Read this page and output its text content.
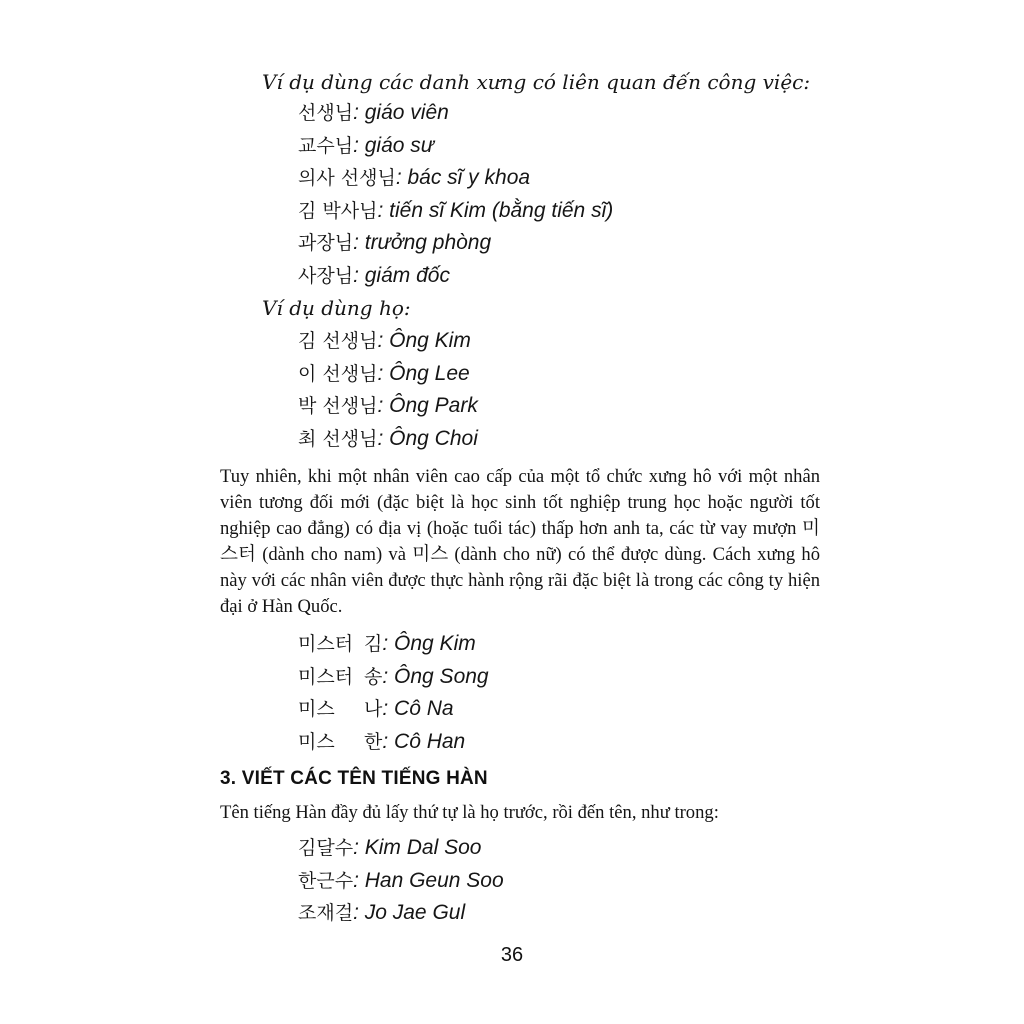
Ví dụ dùng các danh xưng có liên quan đến công việc:
선생님: giáo viên
교수님: giáo sư
의사 선생님: bác sĩ y khoa
김 박사님: tiến sĩ Kim (bằng tiến sĩ)
과장님: trưởng phòng
사장님: giám đốc
Ví dụ dùng họ:
김 선생님: Ông Kim
이 선생님: Ông Lee
박 선생님: Ông Park
최 선생님: Ông Choi

Tuy nhiên, khi một nhân viên cao cấp của một tổ chức xưng hô với một nhân viên tương đối mới (đặc biệt là học sinh tốt nghiệp trung học hoặc người tốt nghiệp cao đẳng) có địa vị (hoặc tuổi tác) thấp hơn anh ta, các từ vay mượn 미스터 (dành cho nam) và 미스 (dành cho nữ) có thể được dùng. Cách xưng hô này với các nhân viên được thực hành rộng rãi đặc biệt là trong các công ty hiện đại ở Hàn Quốc.

미스터 김: Ông Kim
미스터 송: Ông Song
미스 나: Cô Na
미스 한: Cô Han
3. VIẾT CÁC TÊN TIẾNG HÀN

Tên tiếng Hàn đầy đủ lấy thứ tự là họ trước, rồi đến tên, như trong:

김달수: Kim Dal Soo
한근수: Han Geun Soo
조재걸: Jo Jae Gul
36
